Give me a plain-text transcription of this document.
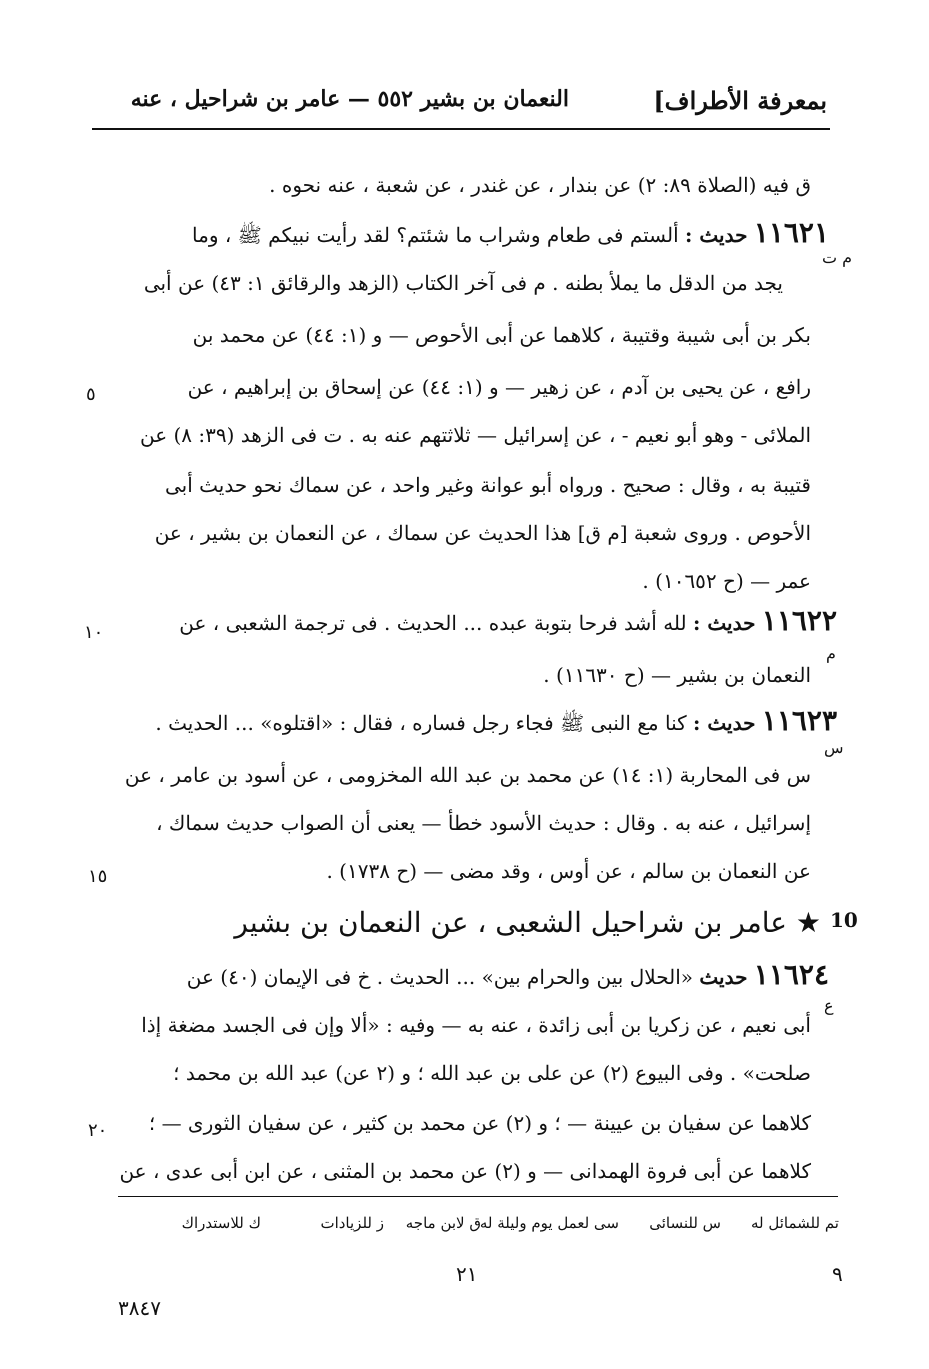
بمعرفة الأطراف]
النعمان بن بشير ٥٥٢ — عامر بن شراحيل ، عنه
ق فيه (الصلاة ٨٩: ٢) عن بندار ، عن غندر ، عن شعبة ، عنه نحوه .
١١٦٢١ حديث : ألستم فى طعام وشراب ما شئتم؟ لقد رأيت نبيكم ﷺ ، وما
يجد من الدقل ما يملأ بطنه . م فى آخر الكتاب (الزهد والرقائق ١: ٤٣) عن أبى
بكر بن أبى شيبة وقتيبة ، كلاهما عن أبى الأحوص — و (١: ٤٤) عن محمد بن
رافع ، عن يحيى بن آدم ، عن زهير — و (١: ٤٤) عن إسحاق بن إبراهيم ، عن
الملائى - وهو أبو نعيم - ، عن إسرائيل — ثلاثتهم عنه به . ت فى الزهد (٣٩: ٨) عن
قتيبة به ، وقال : صحيح . ورواه أبو عوانة وغير واحد ، عن سماك نحو حديث أبى
الأحوص . وروى شعبة [م ق] هذا الحديث عن سماك ، عن النعمان بن بشير ، عن
عمر — (ح ١٠٦٥٢) .
١١٦٢٢ حديث : لله أشد فرحا بتوبة عبده ... الحديث . فى ترجمة الشعبى ، عن
النعمان بن بشير — (ح ١١٦٣٠) .
١١٦٢٣ حديث : كنا مع النبى ﷺ فجاء رجل فساره ، فقال : «اقتلوه» ... الحديث .
س فى المحاربة (١: ١٤) عن محمد بن عبد الله المخزومى ، عن أسود بن عامر ، عن
إسرائيل ، عنه به . وقال : حديث الأسود خطأ — يعنى أن الصواب حديث سماك ،
عن النعمان بن سالم ، عن أوس ، وقد مضى — (ح ١٧٣٨) .
★ عامر بن شراحيل الشعبى ، عن النعمان بن بشير 10
١١٦٢٤ حديث «الحلال بين والحرام بين» ... الحديث . خ فى الإيمان (٤٠) عن
أبى نعيم ، عن زكريا بن أبى زائدة ، عنه به — وفيه : «ألا وإن فى الجسد مضغة إذا
صلحت» . وفى البيوع (٢) عن على بن عبد الله ؛ و (٢ عن) عبد الله بن محمد ؛
كلاهما عن سفيان بن عيينة — ؛ و (٢) عن محمد بن كثير ، عن سفيان الثورى — ؛
كلاهما عن أبى فروة الهمدانى — و (٢) عن محمد بن المثنى ، عن ابن أبى عدى ، عن
م ت
٥
١٠
م
س
١٥
ع
٢٠
تم للشمائل له
س للنسائى
سى لعمل يوم وليلة له
ق لابن ماجه
ز للزيادات
ك للاستدراك
٢١	٩
٣٨٤٧
